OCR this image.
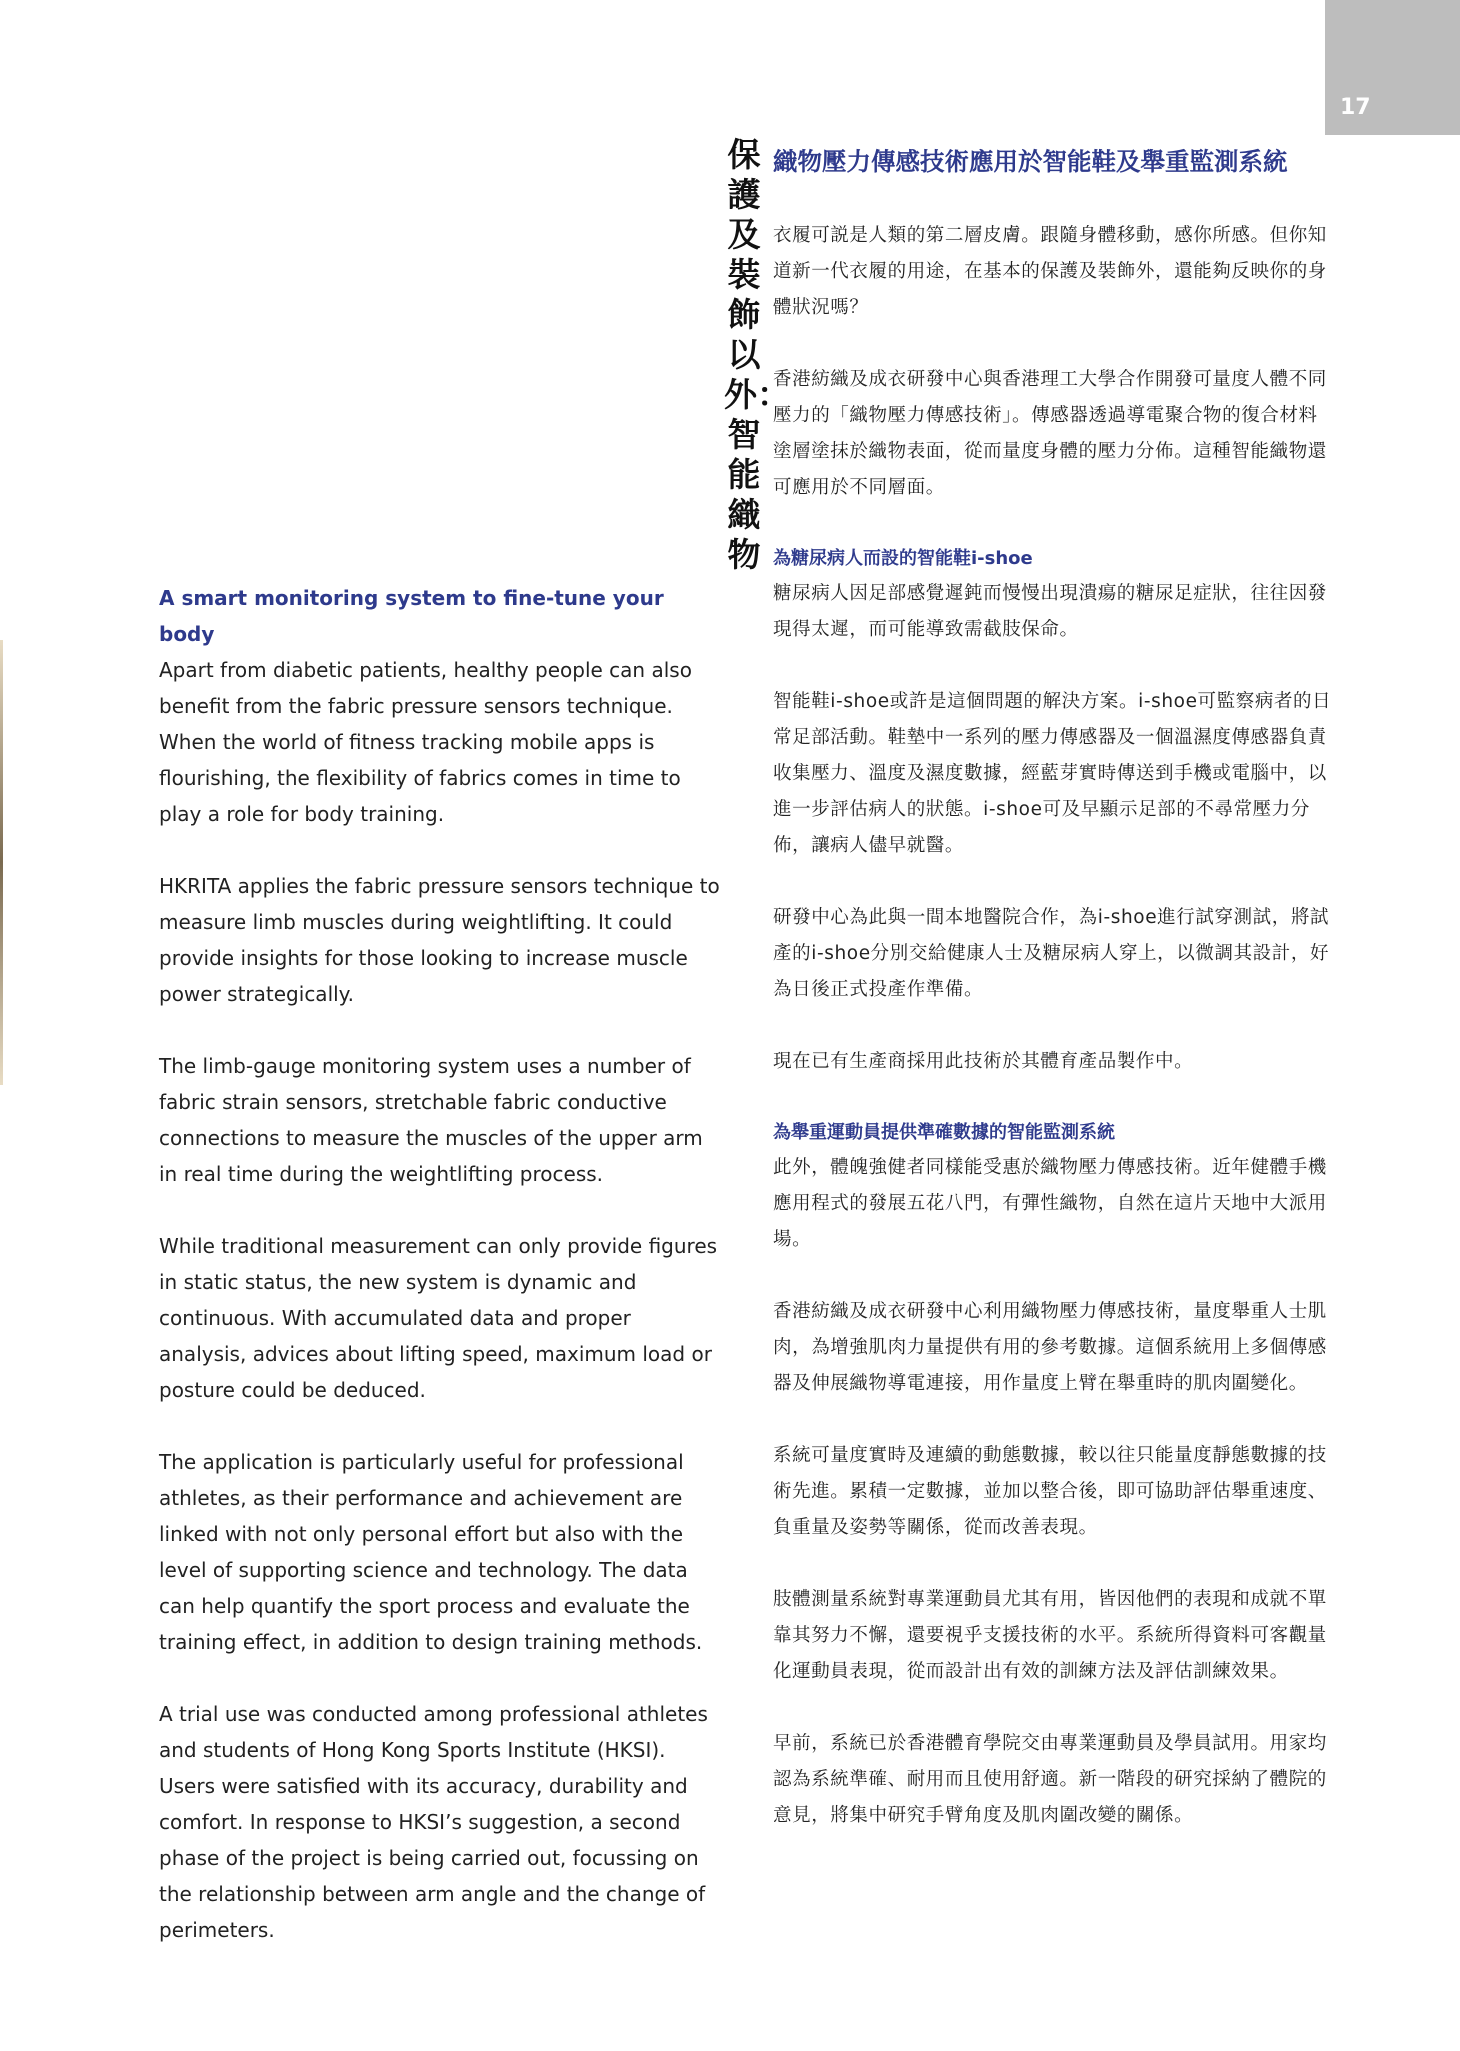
17
保護及裝飾以外：智能織物
A smart monitoring system to fine-tune your body

Apart from diabetic patients, healthy people can also benefit from the fabric pressure sensors technique. When the world of fitness tracking mobile apps is flourishing, the flexibility of fabrics comes in time to play a role for body training.

HKRITA applies the fabric pressure sensors technique to measure limb muscles during weightlifting. It could provide insights for those looking to increase muscle power strategically.

The limb-gauge monitoring system uses a number of fabric strain sensors, stretchable fabric conductive connections to measure the muscles of the upper arm in real time during the weightlifting process.

While traditional measurement can only provide figures in static status, the new system is dynamic and continuous. With accumulated data and proper analysis, advices about lifting speed, maximum load or posture could be deduced.

The application is particularly useful for professional athletes, as their performance and achievement are linked with not only personal effort but also with the level of supporting science and technology. The data can help quantify the sport process and evaluate the training effect, in addition to design training methods.

A trial use was conducted among professional athletes and students of Hong Kong Sports Institute (HKSI). Users were satisfied with its accuracy, durability and comfort. In response to HKSI’s suggestion, a second phase of the project is being carried out, focussing on the relationship between arm angle and the change of perimeters.

織物壓力傳感技術應用於智能鞋及舉重監測系統

衣履可説是人類的第二層皮膚。跟隨身體移動，感你所感。但你知道新一代衣履的用途，在基本的保護及裝飾外，還能夠反映你的身體狀況嗎？

香港紡織及成衣研發中心與香港理工大學合作開發可量度人體不同壓力的「織物壓力傳感技術」。傳感器透過導電聚合物的復合材料塗層塗抹於織物表面，從而量度身體的壓力分佈。這種智能織物還可應用於不同層面。

為糖尿病人而設的智能鞋i-shoe

糖尿病人因足部感覺遲鈍而慢慢出現潰瘍的糖尿足症狀，往往因發現得太遲，而可能導致需截肢保命。

智能鞋i-shoe或許是這個問題的解決方案。i-shoe可監察病者的日常足部活動。鞋墊中一系列的壓力傳感器及一個溫濕度傳感器負責收集壓力、溫度及濕度數據，經藍芽實時傳送到手機或電腦中，以進一步評估病人的狀態。i-shoe可及早顯示足部的不尋常壓力分佈，讓病人儘早就醫。

研發中心為此與一間本地醫院合作，為i-shoe進行試穿測試，將試產的i-shoe分別交給健康人士及糖尿病人穿上，以微調其設計，好為日後正式投產作準備。

現在已有生產商採用此技術於其體育產品製作中。

為舉重運動員提供準確數據的智能監測系統

此外，體魄強健者同樣能受惠於織物壓力傳感技術。近年健體手機應用程式的發展五花八門，有彈性織物，自然在這片天地中大派用場。

香港紡織及成衣研發中心利用織物壓力傳感技術，量度舉重人士肌肉，為增強肌肉力量提供有用的參考數據。這個系統用上多個傳感器及伸展織物導電連接，用作量度上臂在舉重時的肌肉圍變化。

系統可量度實時及連續的動態數據，較以往只能量度靜態數據的技術先進。累積一定數據，並加以整合後，即可協助評估舉重速度、負重量及姿勢等關係，從而改善表現。

肢體測量系統對專業運動員尤其有用，皆因他們的表現和成就不單靠其努力不懈，還要視乎支援技術的水平。系統所得資料可客觀量化運動員表現，從而設計出有效的訓練方法及評估訓練效果。

早前，系統已於香港體育學院交由專業運動員及學員試用。用家均認為系統準確、耐用而且使用舒適。新一階段的研究採納了體院的意見，將集中研究手臂角度及肌肉圍改變的關係。
